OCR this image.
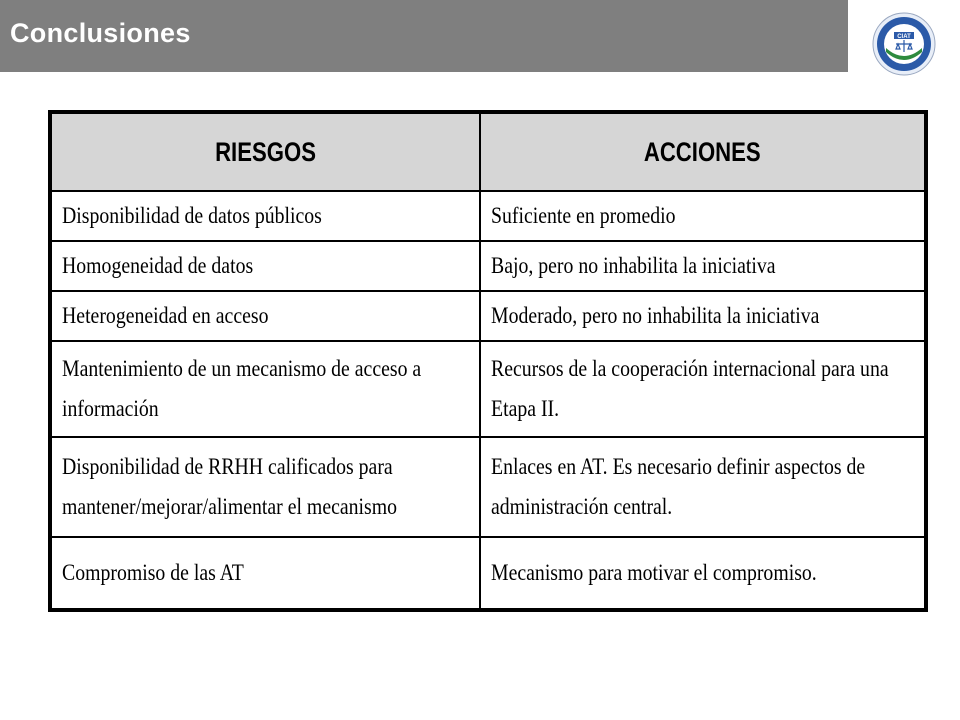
Conclusiones	CIAT
RIESGOS	ACCIONES
Disponibilidad de datos públicos	Suficiente en promedio
Homogeneidad de datos	Bajo, pero no inhabilita la iniciativa
Heterogeneidad en acceso	Moderado, pero no inhabilita la iniciativa
Mantenimiento de un mecanismo de acceso a información	Recursos de la cooperación internacional para una Etapa II.
Disponibilidad de RRHH calificados para mantener/mejorar/alimentar el mecanismo	Enlaces en AT. Es necesario definir aspectos de administración central.
Compromiso de las AT	Mecanismo para motivar el compromiso.
